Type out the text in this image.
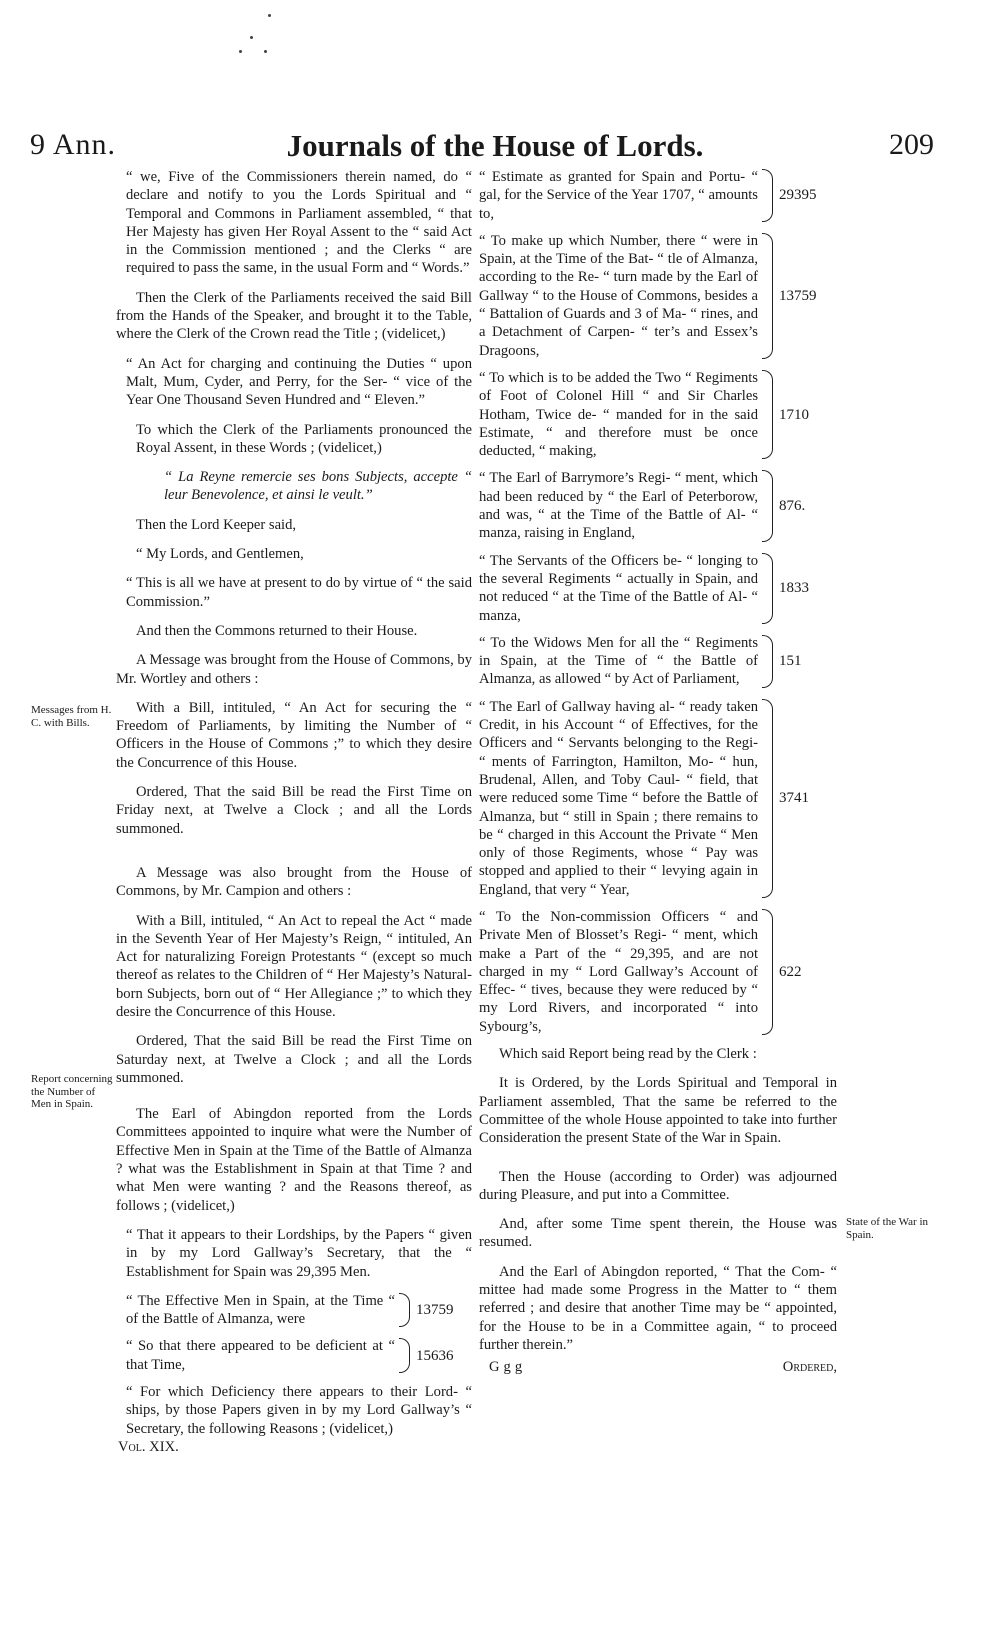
9 Ann.	Journals of the House of Lords.	209
Messages from H. C. with Bills.
Report concerning the Number of Men in Spain.
State of the War in Spain.

“ we, Five of the Commissioners therein named, do “ declare and notify to you the Lords Spiritual and “ Temporal and Commons in Parliament assembled, “ that Her Majesty has given Her Royal Assent to the “ said Act in the Commission mentioned ; and the Clerks “ are required to pass the same, in the usual Form and “ Words.”

Then the Clerk of the Parliaments received the said Bill from the Hands of the Speaker, and brought it to the Table, where the Clerk of the Crown read the Title ; (videlicet,)

“ An Act for charging and continuing the Duties “ upon Malt, Mum, Cyder, and Perry, for the Ser- “ vice of the Year One Thousand Seven Hundred and “ Eleven.”

To which the Clerk of the Parliaments pronounced the Royal Assent, in these Words ; (videlicet,)

“ La Reyne remercie ses bons Subjects, accepte “ leur Benevolence, et ainsi le veult.”

Then the Lord Keeper said,

“ My Lords, and Gentlemen,

“ This is all we have at present to do by virtue of “ the said Commission.”

And then the Commons returned to their House.

A Message was brought from the House of Commons, by Mr. Wortley and others :

With a Bill, intituled, “ An Act for securing the “ Freedom of Parliaments, by limiting the Number of “ Officers in the House of Commons ;” to which they desire the Concurrence of this House.

Ordered, That the said Bill be read the First Time on Friday next, at Twelve a Clock ; and all the Lords summoned.

A Message was also brought from the House of Commons, by Mr. Campion and others :

With a Bill, intituled, “ An Act to repeal the Act “ made in the Seventh Year of Her Majesty’s Reign, “ intituled, An Act for naturalizing Foreign Protestants “ (except so much thereof as relates to the Children of “ Her Majesty’s Natural-born Subjects, born out of “ Her Allegiance ;” to which they desire the Concurrence of this House.

Ordered, That the said Bill be read the First Time on Saturday next, at Twelve a Clock ; and all the Lords summoned.

The Earl of Abingdon reported from the Lords Committees appointed to inquire what were the Number of Effective Men in Spain at the Time of the Battle of Almanza ? what was the Establishment in Spain at that Time ? and what Men were wanting ? and the Reasons thereof, as follows ; (videlicet,)

“ That it appears to their Lordships, by the Papers “ given in by my Lord Gallway’s Secretary, that the “ Establishment for Spain was 29,395 Men.

“ The Effective Men in Spain, at the Time “ of the Battle of Almanza, were
13759
“ So that there appeared to be deficient at “ that Time,
15636

“ For which Deficiency there appears to their Lord- “ ships, by those Papers given in by my Lord Gallway’s “ Secretary, the following Reasons ; (videlicet,)

Vol. XIX.
“ Estimate as granted for Spain and Portu- “ gal, for the Service of the Year 1707, “ amounts to,
29395
“ To make up which Number, there “ were in Spain, at the Time of the Bat- “ tle of Almanza, according to the Re- “ turn made by the Earl of Gallway “ to the House of Commons, besides a “ Battalion of Guards and 3 of Ma- “ rines, and a Detachment of Carpen- “ ter’s and Essex’s Dragoons,
13759
“ To which is to be added the Two “ Regiments of Foot of Colonel Hill “ and Sir Charles Hotham, Twice de- “ manded for in the said Estimate, “ and therefore must be once deducted, “ making,
1710
“ The Earl of Barrymore’s Regi- “ ment, which had been reduced by “ the Earl of Peterborow, and was, “ at the Time of the Battle of Al- “ manza, raising in England,
876.
“ The Servants of the Officers be- “ longing to the several Regiments “ actually in Spain, and not reduced “ at the Time of the Battle of Al- “ manza,
1833
“ To the Widows Men for all the “ Regiments in Spain, at the Time of “ the Battle of Almanza, as allowed “ by Act of Parliament,
151
“ The Earl of Gallway having al- “ ready taken Credit, in his Account “ of Effectives, for the Officers and “ Servants belonging to the Regi- “ ments of Farrington, Hamilton, Mo- “ hun, Brudenal, Allen, and Toby Caul- “ field, that were reduced some Time “ before the Battle of Almanza, but “ still in Spain ; there remains to be “ charged in this Account the Private “ Men only of those Regiments, whose “ Pay was stopped and applied to their “ levying again in England, that very “ Year,
3741
“ To the Non-commission Officers “ and Private Men of Blosset’s Regi- “ ment, which make a Part of the “ 29,395, and are not charged in my “ Lord Gallway’s Account of Effec- “ tives, because they were reduced by “ my Lord Rivers, and incorporated “ into Sybourg’s,
622

Which said Report being read by the Clerk :

It is Ordered, by the Lords Spiritual and Temporal in Parliament assembled, That the same be referred to the Committee of the whole House appointed to take into further Consideration the present State of the War in Spain.

Then the House (according to Order) was adjourned during Pleasure, and put into a Committee.

And, after some Time spent therein, the House was resumed.

And the Earl of Abingdon reported, “ That the Com- “ mittee had made some Progress in the Matter to “ them referred ; and desire that another Time may be “ appointed, for the House to be in a Committee again, “ to proceed further therein.”

Ggg	Ordered,
